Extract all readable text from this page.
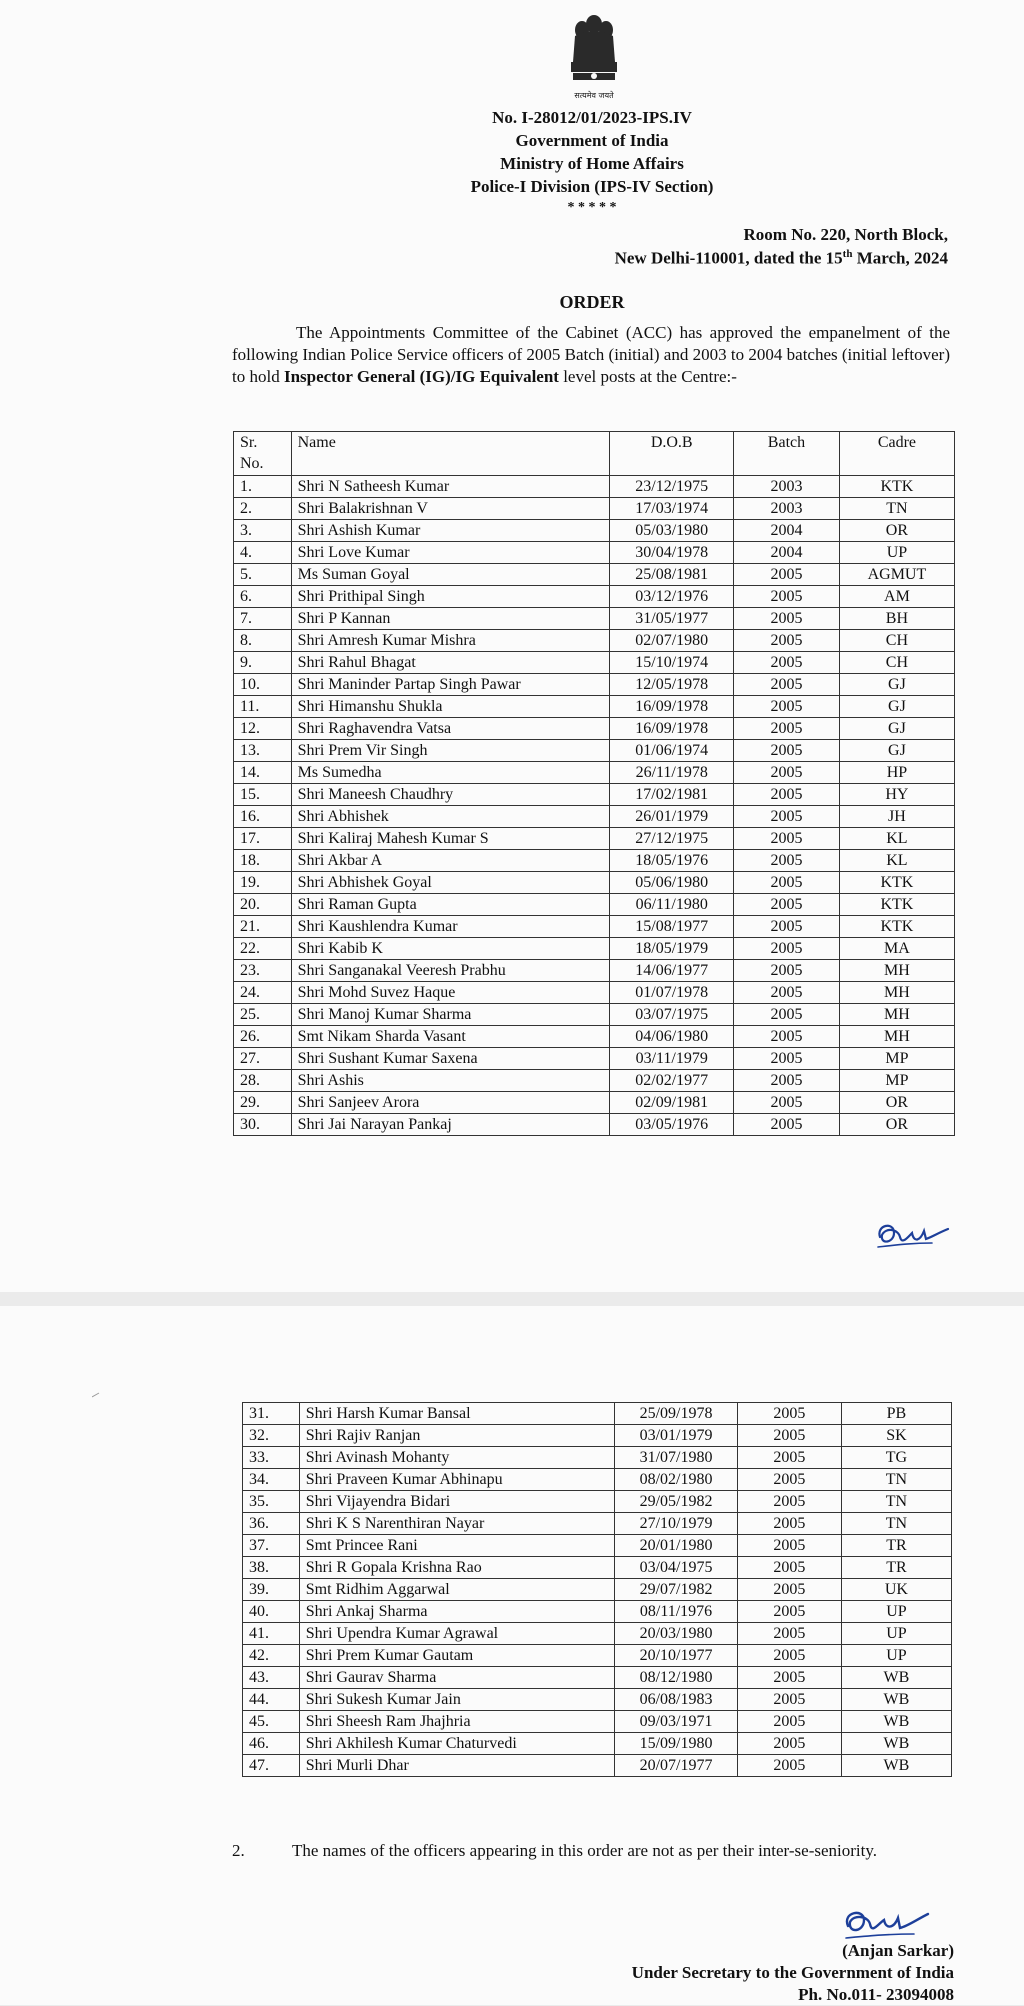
सत्यमेव जयते
No. I-28012/01/2023-IPS.IV
Government of India
Ministry of Home Affairs
Police-I Division (IPS-IV Section)
* * * * *
Room No. 220, North Block,
New Delhi-110001, dated the 15th March, 2024
ORDER
The Appointments Committee of the Cabinet (ACC) has approved the empanelment of the following Indian Police Service officers of 2005 Batch (initial) and 2003 to 2004 batches (initial leftover) to hold Inspector General (IG)/IG Equivalent level posts at the Centre:-
Sr. No.	Name	D.O.B	Batch	Cadre
1.	Shri N Satheesh Kumar	23/12/1975	2003	KTK
2.	Shri Balakrishnan V	17/03/1974	2003	TN
3.	Shri Ashish Kumar	05/03/1980	2004	OR
4.	Shri Love Kumar	30/04/1978	2004	UP
5.	Ms Suman Goyal	25/08/1981	2005	AGMUT
6.	Shri Prithipal Singh	03/12/1976	2005	AM
7.	Shri P Kannan	31/05/1977	2005	BH
8.	Shri Amresh Kumar Mishra	02/07/1980	2005	CH
9.	Shri Rahul Bhagat	15/10/1974	2005	CH
10.	Shri Maninder Partap Singh Pawar	12/05/1978	2005	GJ
11.	Shri Himanshu Shukla	16/09/1978	2005	GJ
12.	Shri Raghavendra Vatsa	16/09/1978	2005	GJ
13.	Shri Prem Vir Singh	01/06/1974	2005	GJ
14.	Ms Sumedha	26/11/1978	2005	HP
15.	Shri Maneesh Chaudhry	17/02/1981	2005	HY
16.	Shri Abhishek	26/01/1979	2005	JH
17.	Shri Kaliraj Mahesh Kumar S	27/12/1975	2005	KL
18.	Shri Akbar A	18/05/1976	2005	KL
19.	Shri Abhishek Goyal	05/06/1980	2005	KTK
20.	Shri Raman Gupta	06/11/1980	2005	KTK
21.	Shri Kaushlendra Kumar	15/08/1977	2005	KTK
22.	Shri Kabib K	18/05/1979	2005	MA
23.	Shri Sanganakal Veeresh Prabhu	14/06/1977	2005	MH
24.	Shri Mohd Suvez Haque	01/07/1978	2005	MH
25.	Shri Manoj Kumar Sharma	03/07/1975	2005	MH
26.	Smt Nikam Sharda Vasant	04/06/1980	2005	MH
27.	Shri Sushant Kumar Saxena	03/11/1979	2005	MP
28.	Shri Ashis	02/02/1977	2005	MP
29.	Shri Sanjeev Arora	02/09/1981	2005	OR
30.	Shri Jai Narayan Pankaj	03/05/1976	2005	OR
31.	Shri Harsh Kumar Bansal	25/09/1978	2005	PB
32.	Shri Rajiv Ranjan	03/01/1979	2005	SK
33.	Shri Avinash Mohanty	31/07/1980	2005	TG
34.	Shri Praveen Kumar Abhinapu	08/02/1980	2005	TN
35.	Shri Vijayendra Bidari	29/05/1982	2005	TN
36.	Shri K S Narenthiran Nayar	27/10/1979	2005	TN
37.	Smt Princee Rani	20/01/1980	2005	TR
38.	Shri R Gopala Krishna Rao	03/04/1975	2005	TR
39.	Smt Ridhim Aggarwal	29/07/1982	2005	UK
40.	Shri Ankaj Sharma	08/11/1976	2005	UP
41.	Shri Upendra Kumar Agrawal	20/03/1980	2005	UP
42.	Shri Prem Kumar Gautam	20/10/1977	2005	UP
43.	Shri Gaurav Sharma	08/12/1980	2005	WB
44.	Shri Sukesh Kumar Jain	06/08/1983	2005	WB
45.	Shri Sheesh Ram Jhajhria	09/03/1971	2005	WB
46.	Shri Akhilesh Kumar Chaturvedi	15/09/1980	2005	WB
47.	Shri Murli Dhar	20/07/1977	2005	WB
2.	The names of the officers appearing in this order are not as per their inter-se-seniority.
(Anjan Sarkar)
Under Secretary to the Government of India
Ph. No.011- 23094008
